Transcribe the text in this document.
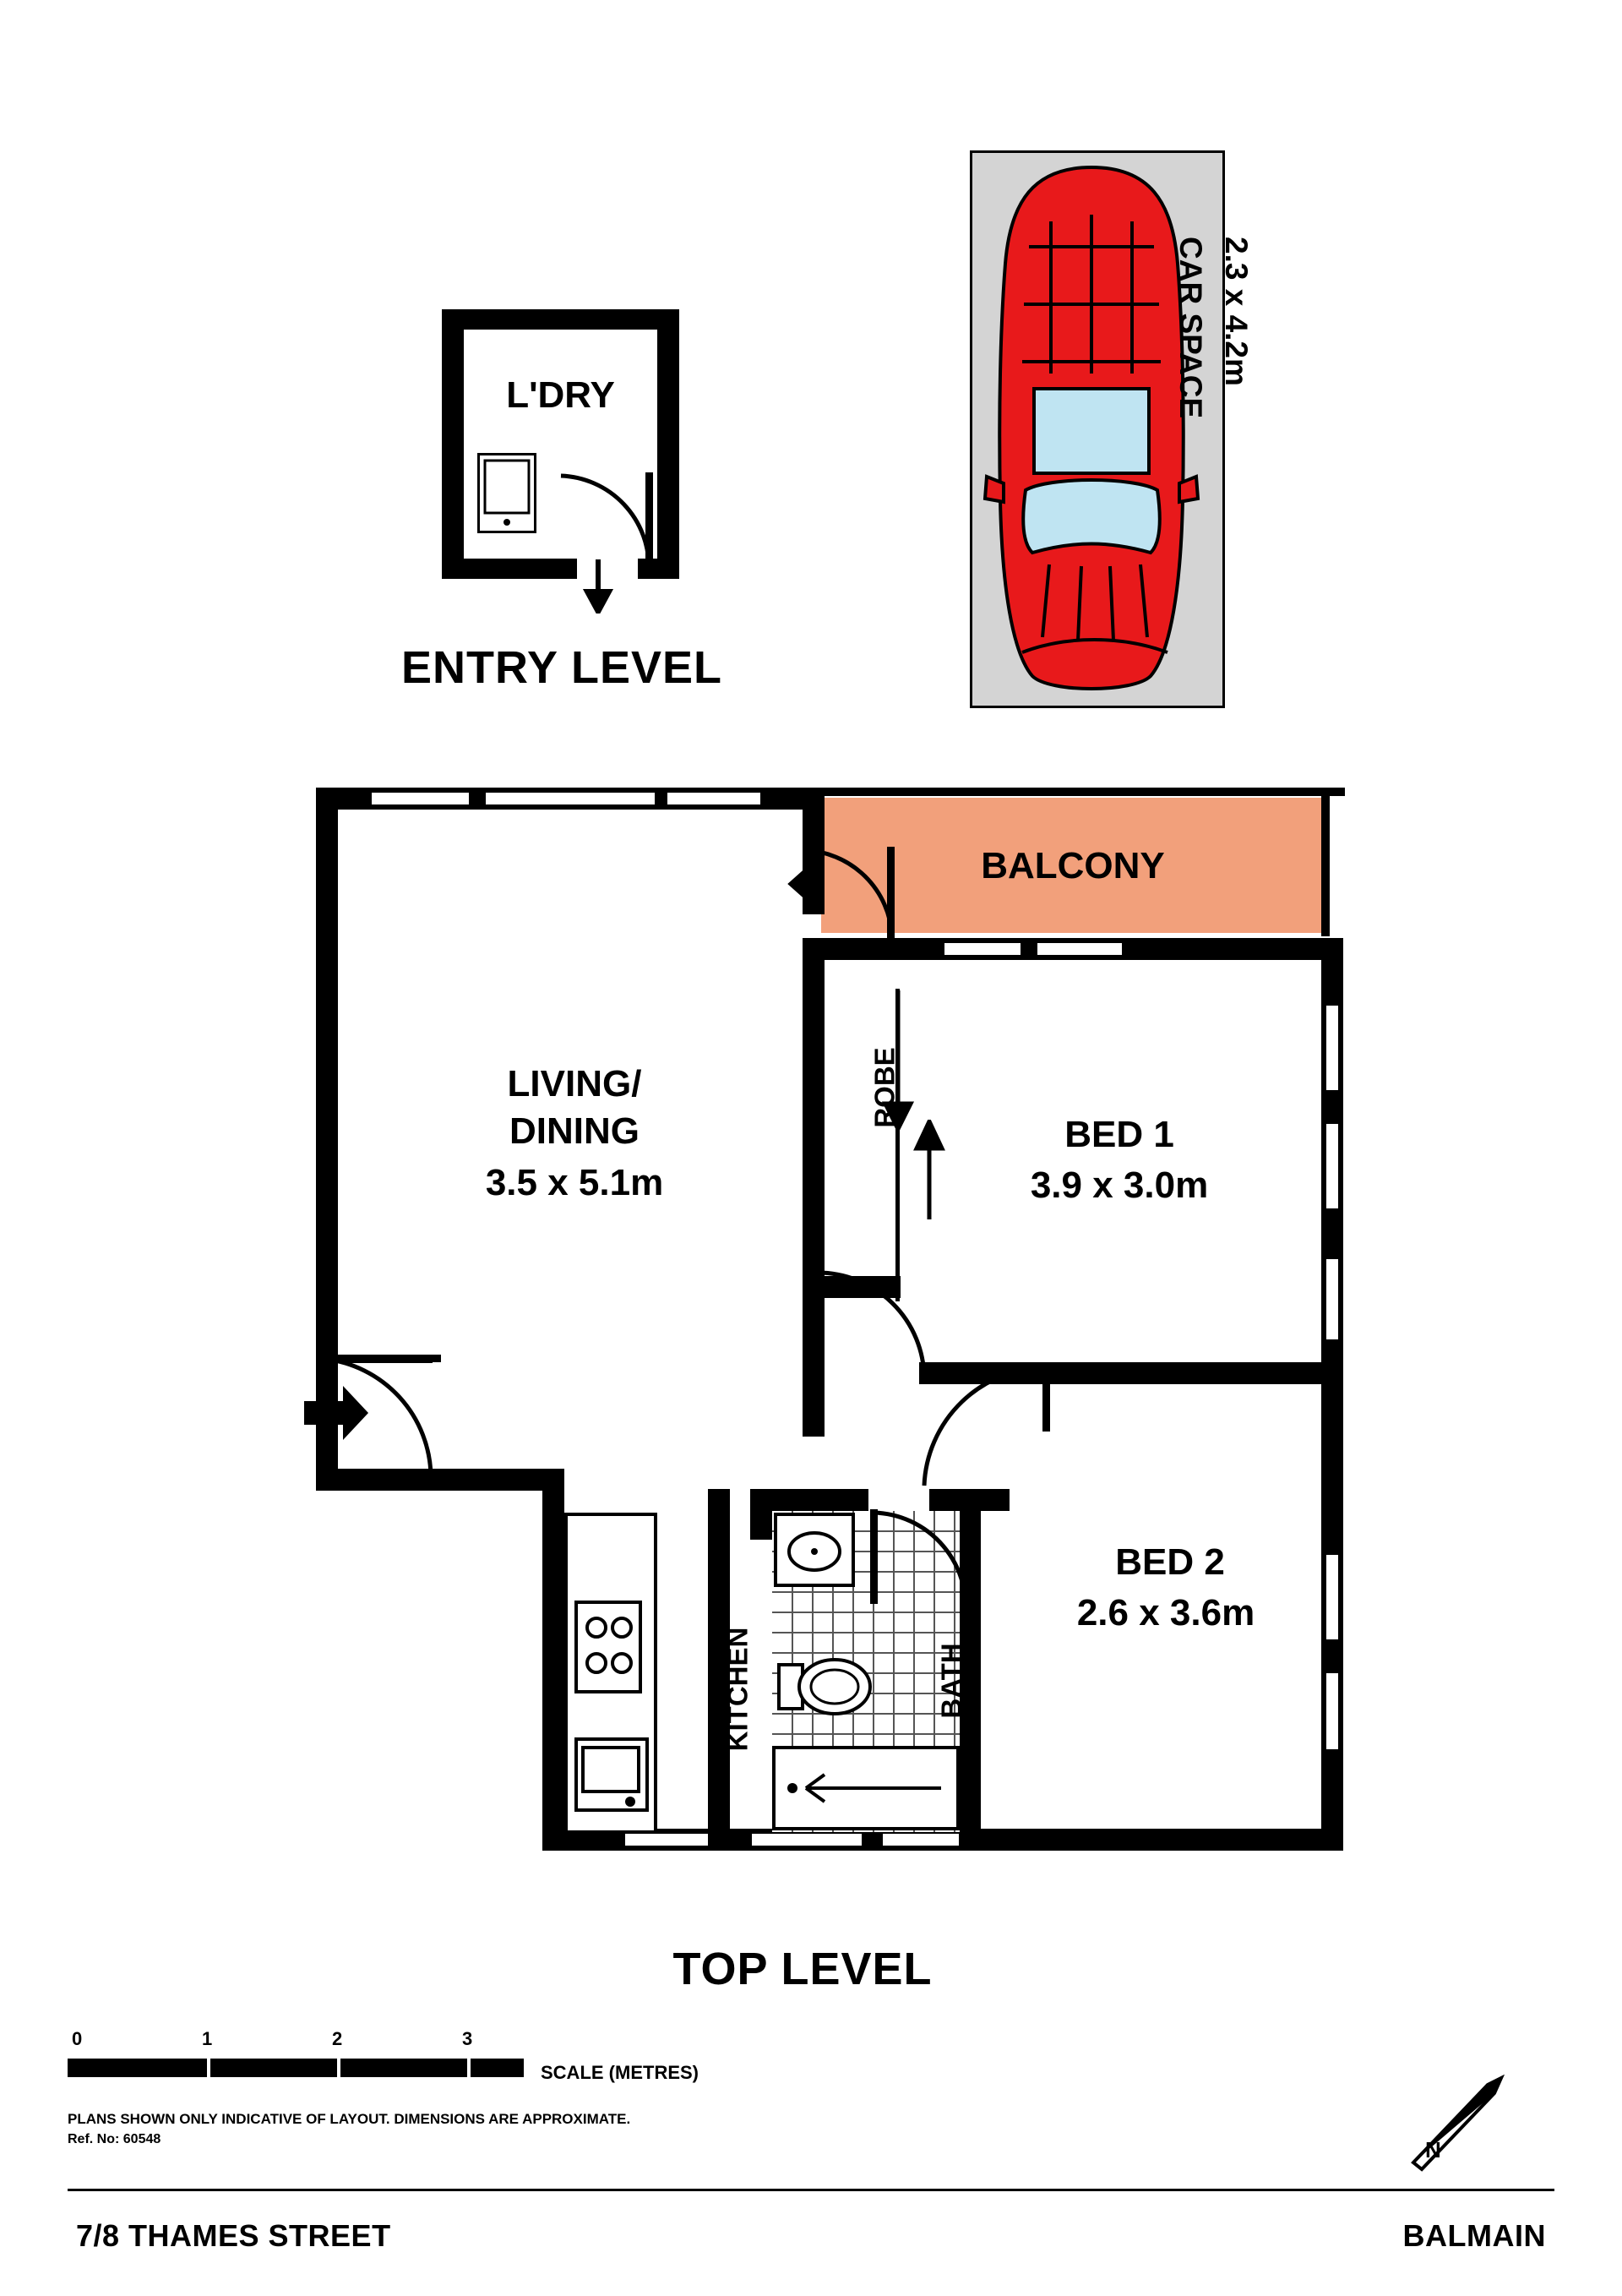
L'DRY
ENTRY LEVEL
CAR SPACE 2.3 x 4.2m
BALCONY
LIVING/
DINING
3.5 x 5.1m
ROBE
BED 1
3.9 x 3.0m
BED 2
2.6 x 3.6m
KITCHEN	BATH
TOP LEVEL
0	1	2	3
SCALE (METRES)
PLANS SHOWN ONLY INDICATIVE OF LAYOUT. DIMENSIONS ARE APPROXIMATE.
Ref. No: 60548	N
7/8 THAMES STREET	BALMAIN
